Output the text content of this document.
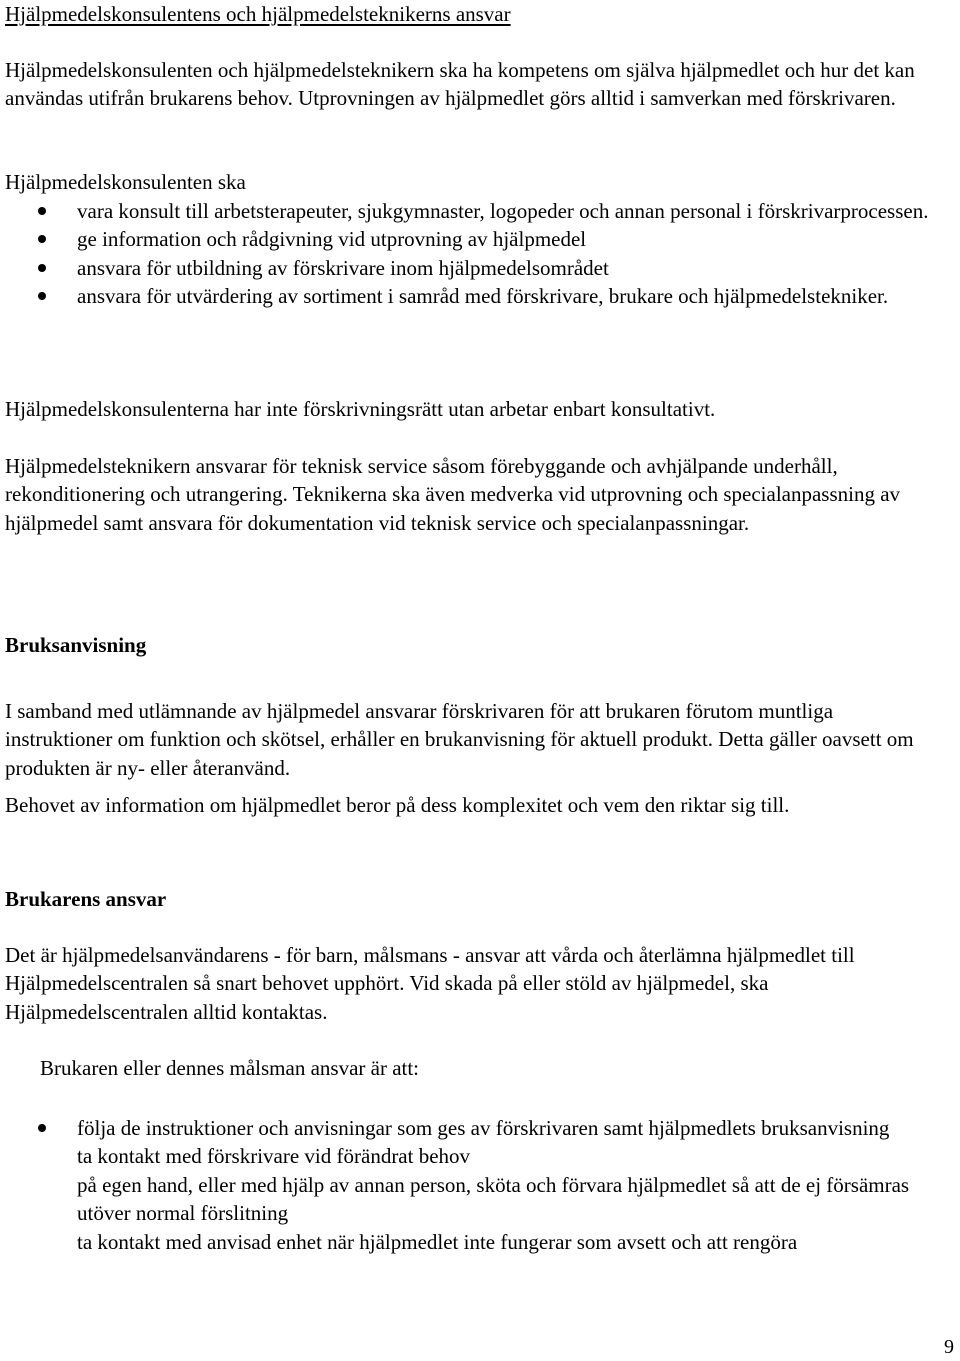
Hjälpmedelskonsulentens och hjälpmedelsteknikerns ansvar

Hjälpmedelskonsulenten och hjälpmedelsteknikern ska ha kompetens om själva hjälpmedlet och hur det kan användas utifrån brukarens behov. Utprovningen av hjälpmedlet görs alltid i samverkan med förskrivaren.

Hjälpmedelskonsulenten ska

vara konsult till arbetsterapeuter, sjukgymnaster, logopeder och annan personal i förskrivarprocessen.
ge information och rådgivning vid utprovning av hjälpmedel
ansvara för utbildning av förskrivare inom hjälpmedelsområdet
ansvara för utvärdering av sortiment i samråd med förskrivare, brukare och hjälpmedelstekniker.

Hjälpmedelskonsulenterna har inte förskrivningsrätt utan arbetar enbart konsultativt.

Hjälpmedelsteknikern ansvarar för teknisk service såsom förebyggande och avhjälpande underhåll, rekonditionering och utrangering. Teknikerna ska även medverka vid utprovning och specialanpassning av hjälpmedel samt ansvara för dokumentation vid teknisk service och specialanpassningar.

Bruksanvisning

I samband med utlämnande av hjälpmedel ansvarar förskrivaren för att brukaren förutom muntliga instruktioner om funktion och skötsel, erhåller en brukanvisning för aktuell produkt. Detta gäller oavsett om produkten är ny- eller återanvänd.

Behovet av information om hjälpmedlet beror på dess komplexitet och vem den riktar sig till.

Brukarens ansvar

Det är hjälpmedelsanvändarens - för barn, målsmans - ansvar att vårda och återlämna hjälpmedlet till Hjälpmedelscentralen så snart behovet upphört. Vid skada på eller stöld av hjälpmedel, ska Hjälpmedelscentralen alltid kontaktas.

Brukaren eller dennes målsman ansvar är att:

följa de instruktioner och anvisningar som ges av förskrivaren samt hjälpmedlets bruksanvisning
ta kontakt med förskrivare vid förändrat behov
på egen hand, eller med hjälp av annan person, sköta och förvara hjälpmedlet så att de ej försämras utöver normal förslitning
ta kontakt med anvisad enhet när hjälpmedlet inte fungerar som avsett och att rengöra
9
